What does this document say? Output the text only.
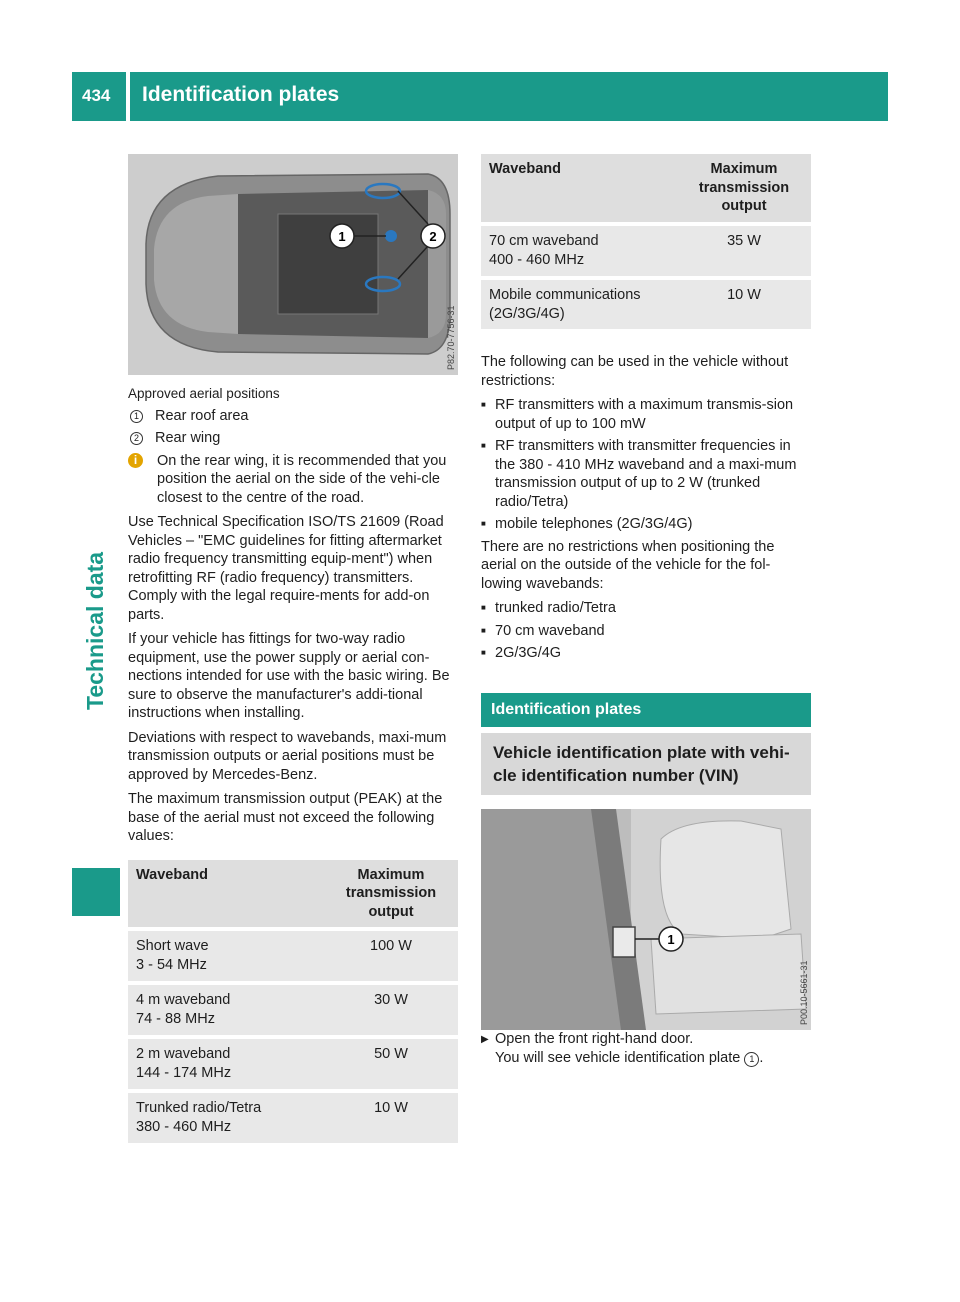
434 Identification plates
Technical data
1	2
P82.70-7756-31

Approved aerial positions

1 Rear roof area

2 Rear wing

i	On the rear wing, it is recommended that you position the aerial on the side of the vehi-cle closest to the centre of the road.

Use Technical Specification ISO/TS 21609 (Road Vehicles – "EMC guidelines for fitting aftermarket radio frequency transmitting equip-ment") when retrofitting RF (radio frequency) transmitters. Comply with the legal require-ments for add-on parts.

If your vehicle has fittings for two-way radio equipment, use the power supply or aerial con-nections intended for use with the basic wiring. Be sure to observe the manufacturer's addi-tional instructions when installing.

Deviations with respect to wavebands, maxi-mum transmission outputs or aerial positions must be approved by Mercedes-Benz.

The maximum transmission output (PEAK) at the base of the aerial must not exceed the following values:

Waveband	Maximum transmission output

Short wave
3 - 54 MHz	100 W

4 m waveband
74 - 88 MHz	30 W

2 m waveband
144 - 174 MHz	50 W

Trunked radio/Tetra
380 - 460 MHz	10 W
Waveband	Maximum transmission output

70 cm waveband
400 - 460 MHz	35 W

Mobile communications
(2G/3G/4G)	10 W

The following can be used in the vehicle without restrictions:

■ RF transmitters with a maximum transmis-sion output of up to 100 mW

■ RF transmitters with transmitter frequencies in the 380 - 410 MHz waveband and a maxi-mum transmission output of up to 2 W (trunked radio/Tetra)

■ mobile telephones (2G/3G/4G)

There are no restrictions when positioning the aerial on the outside of the vehicle for the fol-lowing wavebands:

■ trunked radio/Tetra

■ 70 cm waveband

■ 2G/3G/4G

Identification plates
Vehicle identification plate with vehi-cle identification number (VIN)
1
P00.10-5661-31

▶ Open the front right-hand door.
You will see vehicle identification plate 1 .
